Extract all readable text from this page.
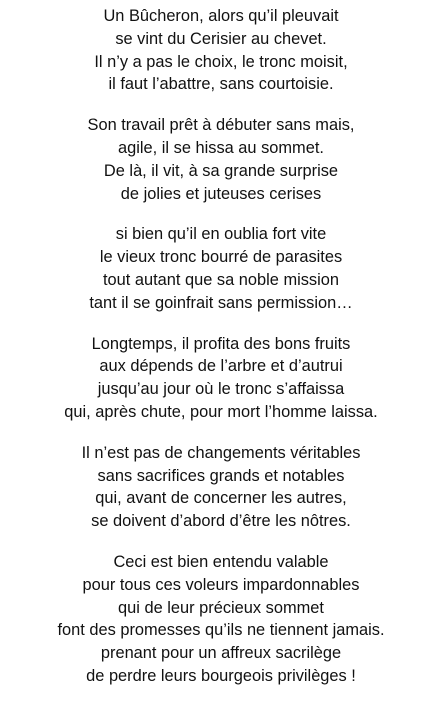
Un Bûcheron, alors qu’il pleuvait
se vint du Cerisier au chevet.
Il n’y a pas le choix, le tronc moisit,
il faut l’abattre, sans courtoisie.
Son travail prêt à débuter sans mais,
agile, il se hissa au sommet.
De là, il vit, à sa grande surprise
de jolies et juteuses cerises
si bien qu’il en oublia fort vite
le vieux tronc bourré de parasites
tout autant que sa noble mission
tant il se goinfrait sans permission…
Longtemps, il profita des bons fruits
aux dépends de l’arbre et d’autrui
jusqu’au jour où le tronc s’affaissa
qui, après chute, pour mort l’homme laissa.
Il n’est pas de changements véritables
sans sacrifices grands et notables
qui, avant de concerner les autres,
se doivent d’abord d’être les nôtres.
Ceci est bien entendu valable
pour tous ces voleurs impardonnables
qui de leur précieux sommet
font des promesses qu’ils ne tiennent jamais.
prenant pour un affreux sacrilège
de perdre leurs bourgeois privilèges !
